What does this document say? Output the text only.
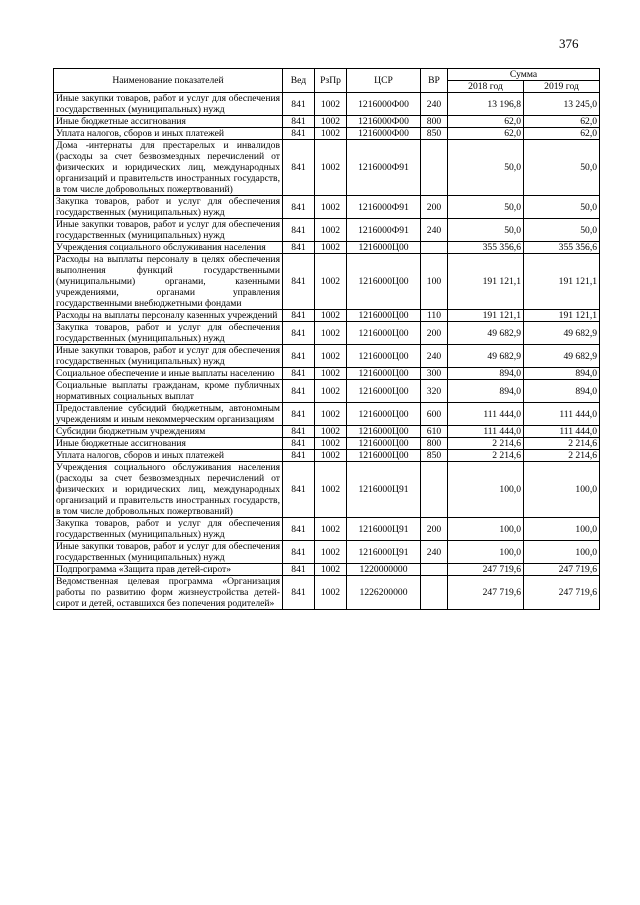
376
Наименование показателей	Вед	РзПр	ЦСР	ВР	Сумма	
					2018 год	2019 год
Иные закупки товаров, работ и услуг для обеспечения государственных (муниципальных) нужд	841	1002	1216000Ф00	240	13 196,8	13 245,0
Иные бюджетные ассигнования	841	1002	1216000Ф00	800	62,0	62,0
Уплата налогов, сборов и иных платежей	841	1002	1216000Ф00	850	62,0	62,0
Дома -интернаты для престарелых и инвалидов (расходы за счет безвозмездных перечислений от физических и юридических лиц, международных организаций и правительств иностранных государств, в том числе добровольных пожертвований)	841	1002	1216000Ф91		50,0	50,0
Закупка товаров, работ и услуг для обеспечения государственных (муниципальных) нужд	841	1002	1216000Ф91	200	50,0	50,0
Иные закупки товаров, работ и услуг для обеспечения государственных (муниципальных) нужд	841	1002	1216000Ф91	240	50,0	50,0
Учреждения социального обслуживания населения	841	1002	1216000Ц00		355 356,6	355 356,6
Расходы на выплаты персоналу в целях обеспечения выполнения функций государственными (муниципальными) органами, казенными учреждениями, органами управления государственными внебюджетными фондами	841	1002	1216000Ц00	100	191 121,1	191 121,1
Расходы на выплаты персоналу казенных учреждений	841	1002	1216000Ц00	110	191 121,1	191 121,1
Закупка товаров, работ и услуг для обеспечения государственных (муниципальных) нужд	841	1002	1216000Ц00	200	49 682,9	49 682,9
Иные закупки товаров, работ и услуг для обеспечения государственных (муниципальных) нужд	841	1002	1216000Ц00	240	49 682,9	49 682,9
Социальное обеспечение и иные выплаты населению	841	1002	1216000Ц00	300	894,0	894,0
Социальные выплаты гражданам, кроме публичных нормативных социальных выплат	841	1002	1216000Ц00	320	894,0	894,0
Предоставление субсидий бюджетным, автономным учреждениям и иным некоммерческим организациям	841	1002	1216000Ц00	600	111 444,0	111 444,0
Субсидии бюджетным учреждениям	841	1002	1216000Ц00	610	111 444,0	111 444,0
Иные бюджетные ассигнования	841	1002	1216000Ц00	800	2 214,6	2 214,6
Уплата налогов, сборов и иных платежей	841	1002	1216000Ц00	850	2 214,6	2 214,6
Учреждения социального обслуживания населения (расходы за счет безвозмездных перечислений от физических и юридических лиц, международных организаций и правительств иностранных государств, в том числе добровольных пожертвований)	841	1002	1216000Ц91		100,0	100,0
Закупка товаров, работ и услуг для обеспечения государственных (муниципальных) нужд	841	1002	1216000Ц91	200	100,0	100,0
Иные закупки товаров, работ и услуг для обеспечения государственных (муниципальных) нужд	841	1002	1216000Ц91	240	100,0	100,0
Подпрограмма «Защита прав детей-сирот»	841	1002	1220000000		247 719,6	247 719,6
Ведомственная целевая программа «Организация работы по развитию форм жизнеустройства детей-сирот и детей, оставшихся без попечения родителей»	841	1002	1226200000		247 719,6	247 719,6
